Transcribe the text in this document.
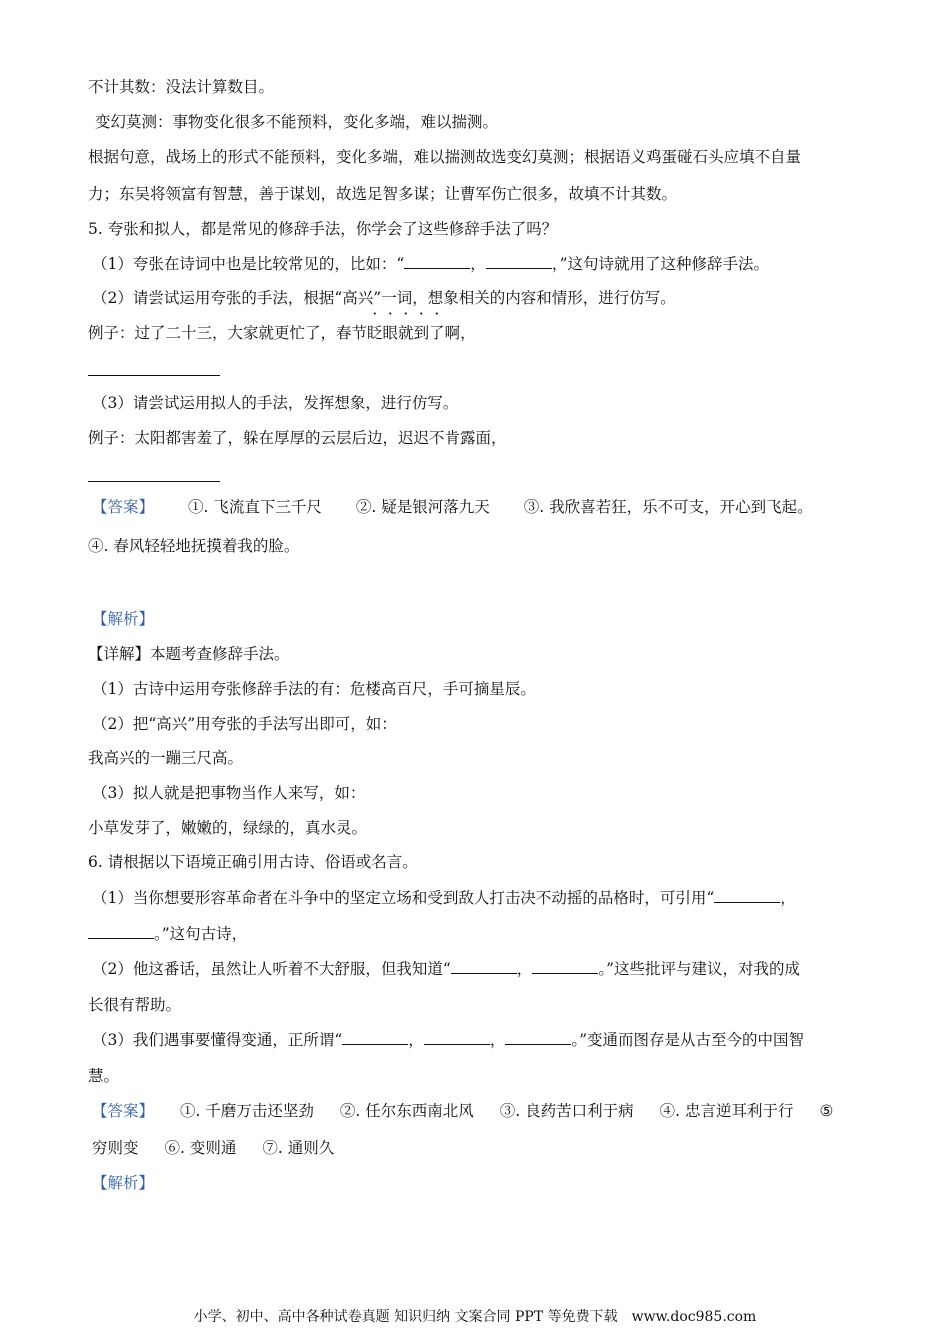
不计其数：没法计算数目。
变幻莫测：事物变化很多不能预料，变化多端，难以揣测。
根据句意，战场上的形式不能预料，变化多端，难以揣测故选变幻莫测；根据语义鸡蛋碰石头应填不自量
力；东吴将领富有智慧，善于谋划，故选足智多谋；让曹军伤亡很多，故填不计其数。
5. 夸张和拟人，都是常见的修辞手法，你学会了这些修辞手法了吗？
（1）夸张在诗词中也是比较常见的，比如：“	，	，”这句诗就用了这种修辞手法。
（2）请尝试运用夸张的手法，根据“高兴”一词，想象相关的内容和情形，进行仿写。
例子：过了二十三，大家就更忙了，春节眨眼就到了啊，
（3）请尝试运用拟人的手法，发挥想象，进行仿写。
例子：太阳都害羞了，躲在厚厚的云层后边，迟迟不肯露面，
【答案】 ①. 飞流直下三千尺 ②. 疑是银河落九天 ③. 我欣喜若狂，乐不可支，开心到飞起。
④. 春风轻轻地抚摸着我的脸。
【解析】
【详解】本题考查修辞手法。
（1）古诗中运用夸张修辞手法的有：危楼高百尺，手可摘星辰。
（2）把“高兴”用夸张的手法写出即可，如：
我高兴的一蹦三尺高。
（3）拟人就是把事物当作人来写，如：
小草发芽了，嫩嫩的，绿绿的，真水灵。
6. 请根据以下语境正确引用古诗、俗语或名言。
（1）当你想要形容革命者在斗争中的坚定立场和受到敌人打击决不动摇的品格时，可引用“	，
。”这句古诗，
（2）他这番话，虽然让人听着不大舒服，但我知道“	，	。”这些批评与建议，对我的成
长很有帮助。
（3）我们遇事要懂得变通，正所谓“	，	，	。”变通而图存是从古至今的中国智
慧。
【答案】 ①. 千磨万击还坚劲 ②. 任尔东西南北风 ③. 良药苦口利于病 ④. 忠言逆耳利于行 ⑤
穷则变 ⑥. 变则通 ⑦. 通则久
【解析】
小学、初中、高中各种试卷真题 知识归纳 文案合同 PPT 等免费下载 www.doc985.com
